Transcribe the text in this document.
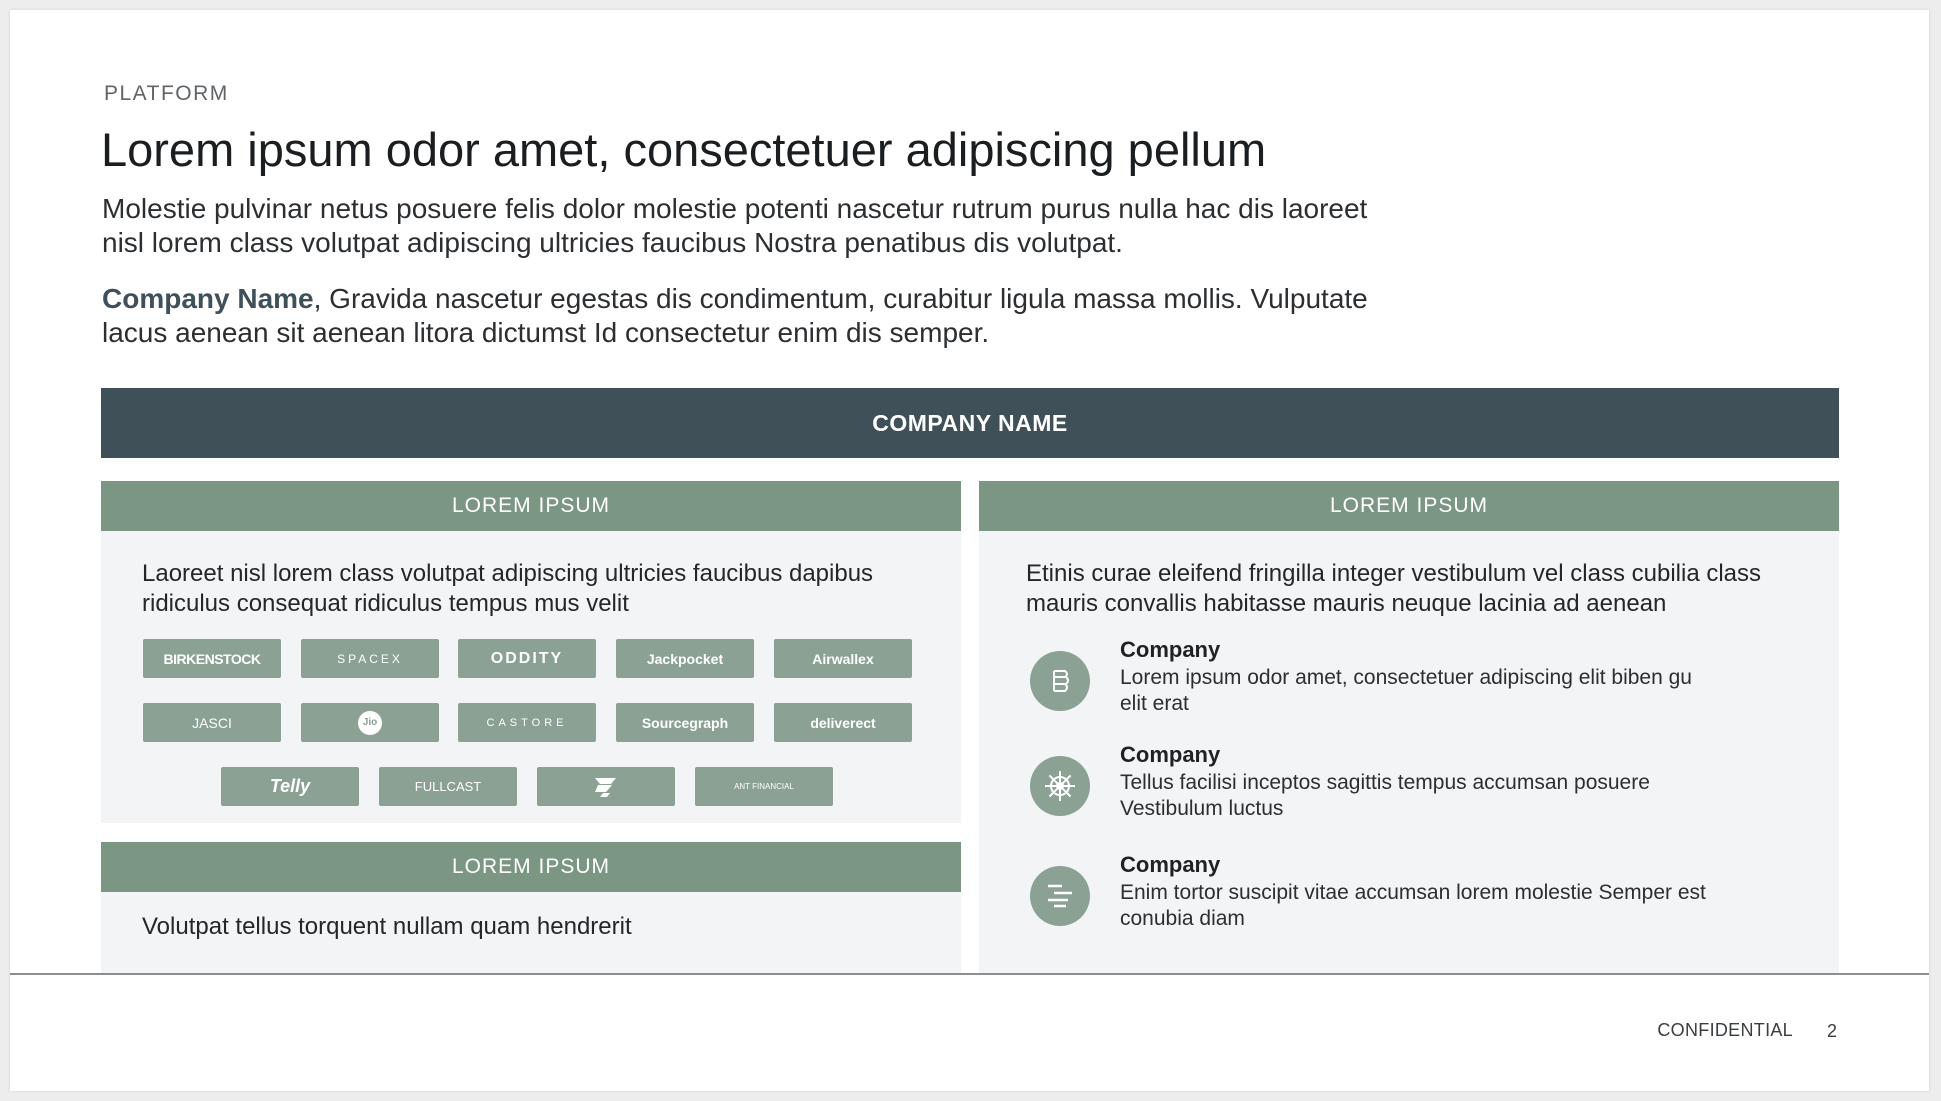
PLATFORM
Lorem ipsum odor amet, consectetuer adipiscing pellum

Molestie pulvinar netus posuere felis dolor molestie potenti nascetur rutrum purus nulla hac dis laoreet nisl lorem class volutpat adipiscing ultricies faucibus Nostra penatibus dis volutpat.

Company Name, Gravida nascetur egestas dis condimentum, curabitur ligula massa mollis. Vulputate lacus aenean sit aenean litora dictumst Id consectetur enim dis semper.

COMPANY NAME
LOREM IPSUM
Laoreet nisl lorem class volutpat adipiscing ultricies faucibus dapibus ridiculus consequat ridiculus tempus mus velit
BIRKENSTOCK	SPACEX	ODDITY	Jackpocket	Airwallex
JASCI	Jio	CASTORE	Sourcegraph	deliverect
Telly	FULLCAST	ANT FINANCIAL
LOREM IPSUM
Volutpat tellus torquent nullam quam hendrerit
LOREM IPSUM
Etinis curae eleifend fringilla integer vestibulum vel class cubilia class mauris convallis habitasse mauris neuque lacinia ad aenean
Company
Lorem ipsum odor amet, consectetuer adipiscing elit biben gu elit erat
Company
Tellus facilisi inceptos sagittis tempus accumsan posuere Vestibulum luctus
Company
Enim tortor suscipit vitae accumsan lorem molestie Semper est conubia diam
CONFIDENTIAL 2
